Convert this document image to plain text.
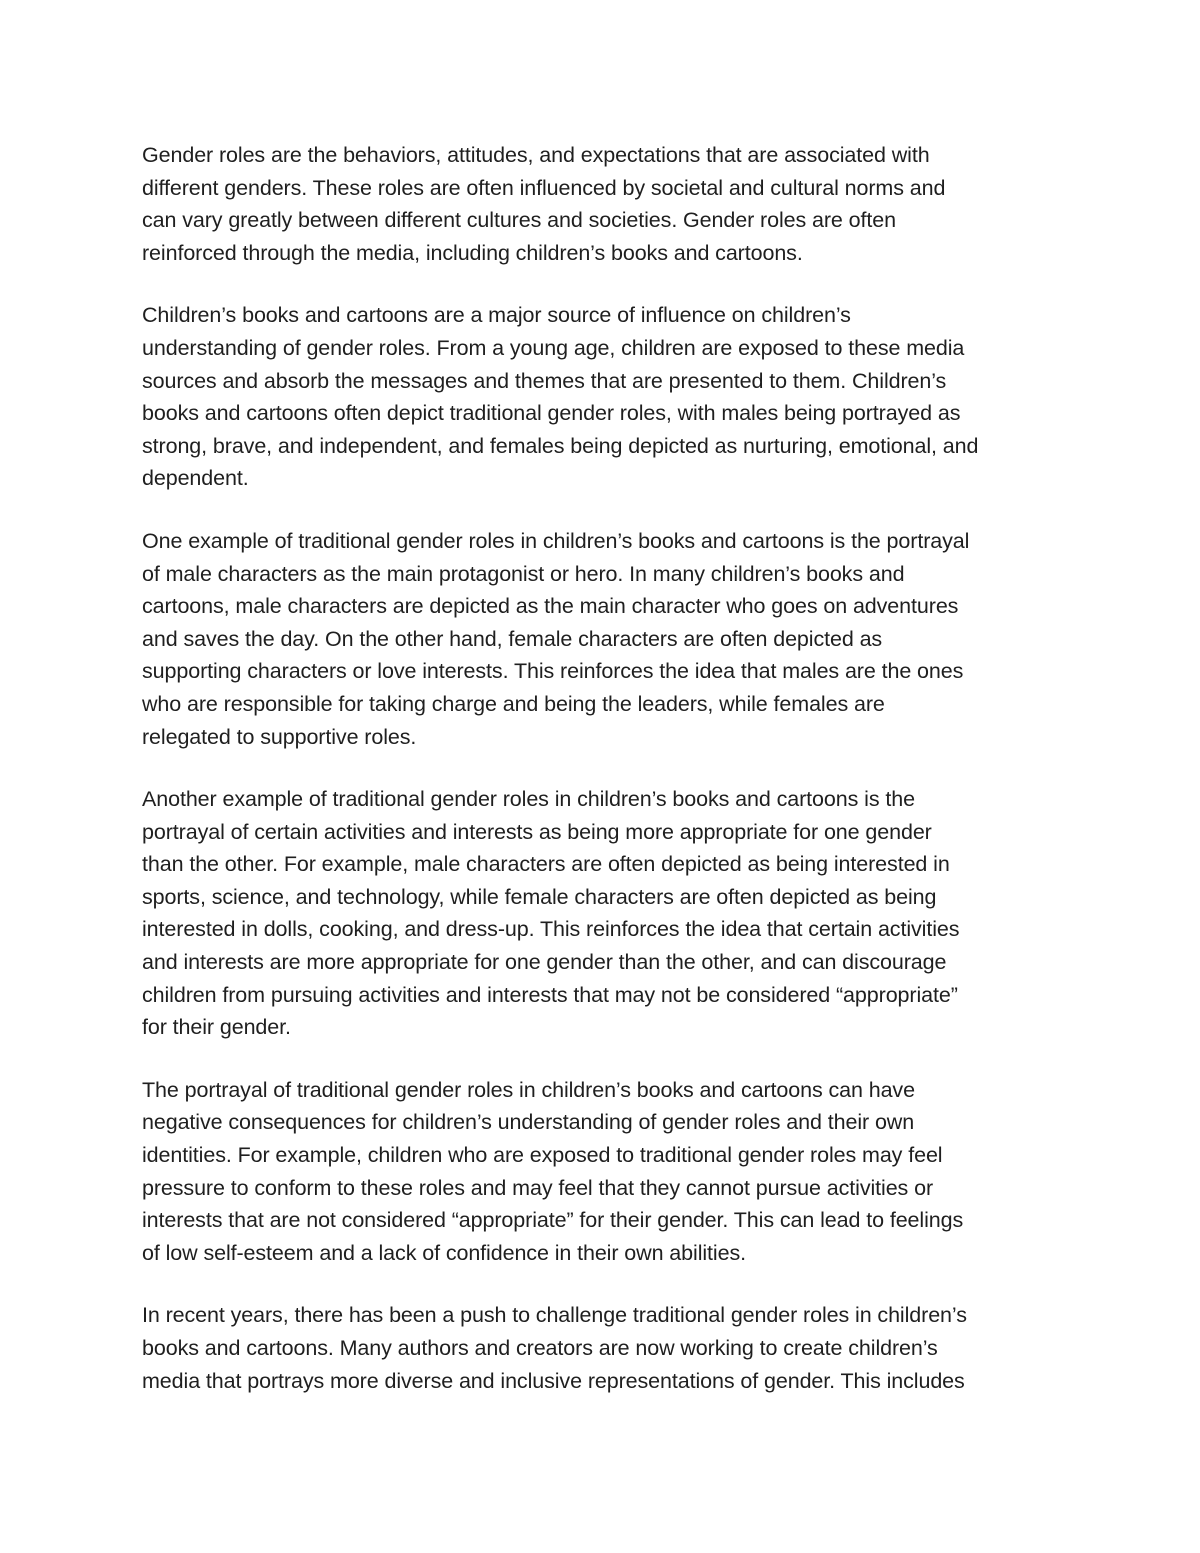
Gender roles are the behaviors, attitudes, and expectations that are associated with
different genders. These roles are often influenced by societal and cultural norms and
can vary greatly between different cultures and societies. Gender roles are often
reinforced through the media, including children’s books and cartoons.

Children’s books and cartoons are a major source of influence on children’s
understanding of gender roles. From a young age, children are exposed to these media
sources and absorb the messages and themes that are presented to them. Children’s
books and cartoons often depict traditional gender roles, with males being portrayed as
strong, brave, and independent, and females being depicted as nurturing, emotional, and
dependent.

One example of traditional gender roles in children’s books and cartoons is the portrayal
of male characters as the main protagonist or hero. In many children’s books and
cartoons, male characters are depicted as the main character who goes on adventures
and saves the day. On the other hand, female characters are often depicted as
supporting characters or love interests. This reinforces the idea that males are the ones
who are responsible for taking charge and being the leaders, while females are
relegated to supportive roles.

Another example of traditional gender roles in children’s books and cartoons is the
portrayal of certain activities and interests as being more appropriate for one gender
than the other. For example, male characters are often depicted as being interested in
sports, science, and technology, while female characters are often depicted as being
interested in dolls, cooking, and dress-up. This reinforces the idea that certain activities
and interests are more appropriate for one gender than the other, and can discourage
children from pursuing activities and interests that may not be considered “appropriate”
for their gender.

The portrayal of traditional gender roles in children’s books and cartoons can have
negative consequences for children’s understanding of gender roles and their own
identities. For example, children who are exposed to traditional gender roles may feel
pressure to conform to these roles and may feel that they cannot pursue activities or
interests that are not considered “appropriate” for their gender. This can lead to feelings
of low self-esteem and a lack of confidence in their own abilities.

In recent years, there has been a push to challenge traditional gender roles in children’s
books and cartoons. Many authors and creators are now working to create children’s
media that portrays more diverse and inclusive representations of gender. This includes
